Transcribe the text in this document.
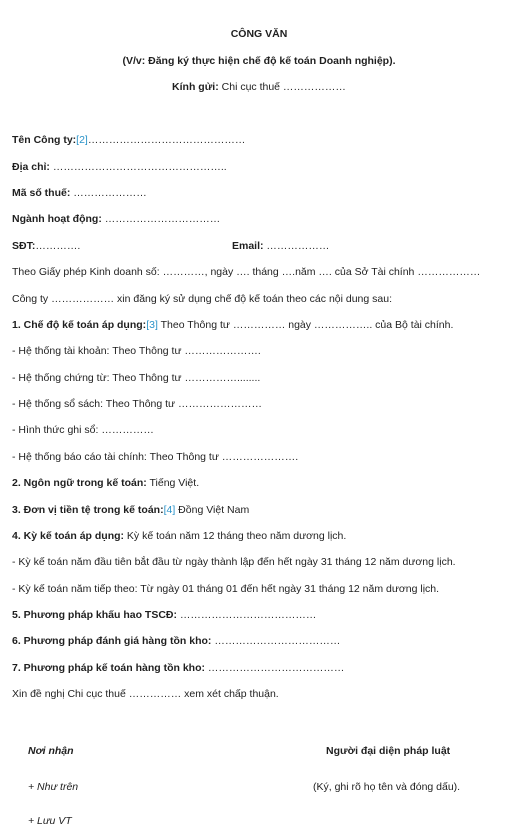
CÔNG VĂN
(V/v: Đăng ký thực hiện chế độ kế toán Doanh nghiệp).
Kính gửi: Chi cục thuế ………………
Tên Công ty:[2]………………………………………
Địa chỉ: …………………………………………..
Mã số thuế: …………………
Ngành hoạt động: ……………………………
SĐT:………….	Email: ………………
Theo Giấy phép Kinh doanh số: …………, ngày …. tháng ….năm …. của Sở Tài chính ………………
Công ty ……………… xin đăng ký sử dụng chế độ kế toán theo các nội dung sau:
1. Chế độ kế toán áp dụng:[3] Theo Thông tư …………… ngày …………….. của Bộ tài chính.
- Hệ thống tài khoản: Theo Thông tư ………………….
- Hệ thống chứng từ: Theo Thông tư ……………........
- Hệ thống sổ sách: Theo Thông tư ……………………
- Hình thức ghi sổ: ……………
- Hệ thống báo cáo tài chính: Theo Thông tư ………………….
2. Ngôn ngữ trong kế toán: Tiếng Việt.
3. Đơn vị tiền tệ trong kế toán:[4] Đồng Việt Nam
4. Kỳ kế toán áp dụng: Kỳ kế toán năm 12 tháng theo năm dương lịch.
- Kỳ kế toán năm đầu tiên bắt đầu từ ngày thành lập đến hết ngày 31 tháng 12 năm dương lịch.
- Kỳ kế toán năm tiếp theo: Từ ngày 01 tháng 01 đến hết ngày 31 tháng 12 năm dương lịch.
5. Phương pháp khấu hao TSCĐ: …………………………………
6. Phương pháp đánh giá hàng tồn kho: ………………………………
7. Phương pháp kế toán hàng tồn kho: …………………………………
Xin đề nghị Chi cục thuế …………… xem xét chấp thuận.
Nơi nhận	Người đại diện pháp luật
+ Như trên	(Ký, ghi rõ họ tên và đóng dấu).
+ Lưu VT
